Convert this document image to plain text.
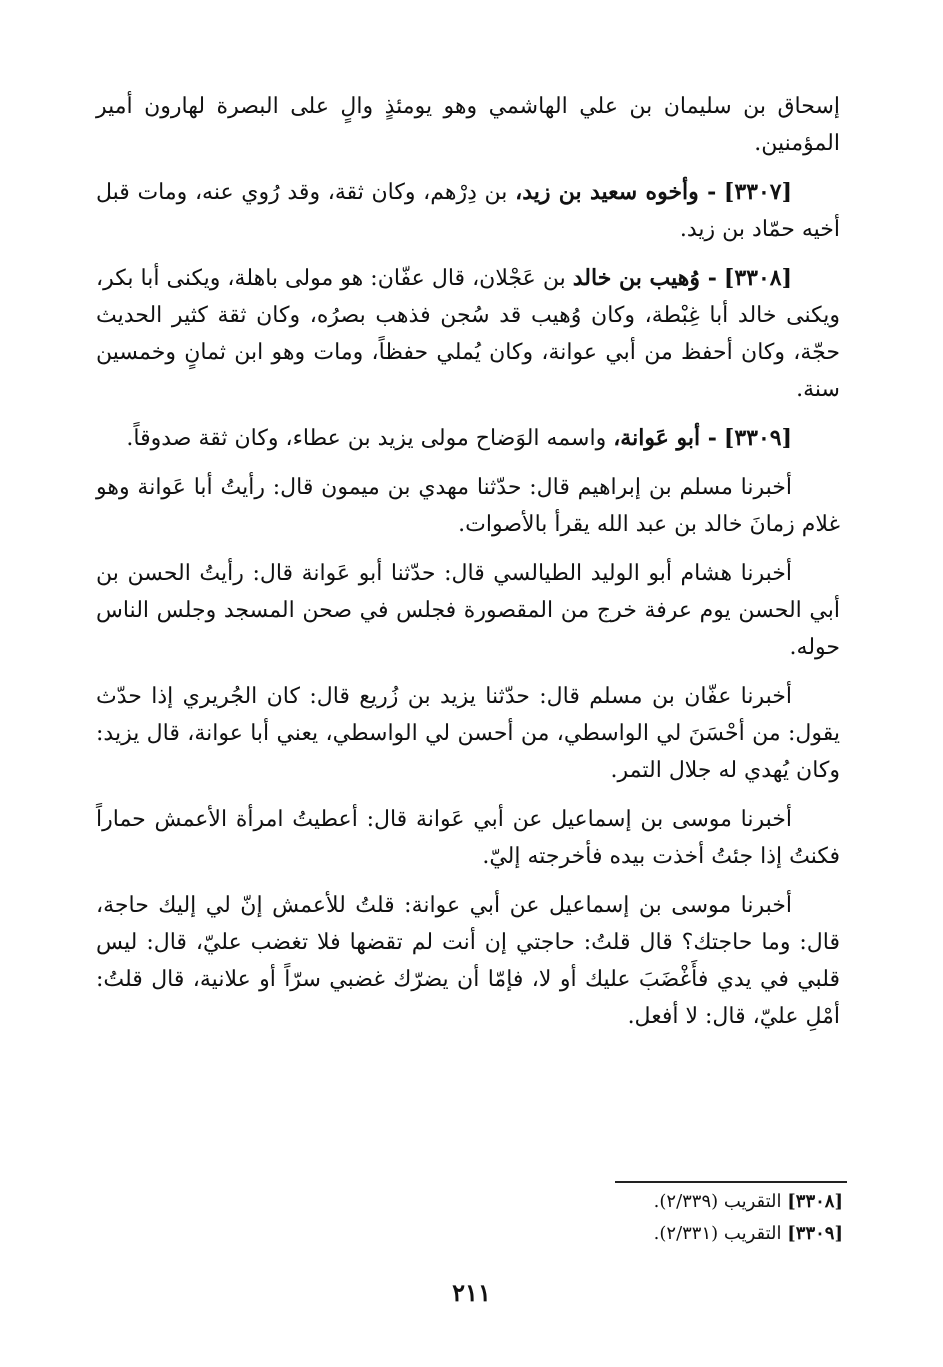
إسحاق بن سليمان بن علي الهاشمي وهو يومئذٍ والٍ على البصرة لهارون أمير المؤمنين.

[٣٣٠٧] - وأخوه سعيد بن زيد، بن دِرْهم، وكان ثقة، وقد رُوي عنه، ومات قبل أخيه حمّاد بن زيد.

[٣٣٠٨] - وُهيب بن خالد بن عَجْلان، قال عفّان: هو مولى باهلة، ويكنى أبا بكر، ويكنى خالد أبا غِبْطة، وكان وُهيب قد سُجن فذهب بصرُه، وكان ثقة كثير الحديث حجّة، وكان أحفظ من أبي عوانة، وكان يُملي حفظاً، ومات وهو ابن ثمانٍ وخمسين سنة.

[٣٣٠٩] - أبو عَوانة، واسمه الوَضاح مولى يزيد بن عطاء، وكان ثقة صدوقاً.

أخبرنا مسلم بن إبراهيم قال: حدّثنا مهدي بن ميمون قال: رأيتُ أبا عَوانة وهو غلام زمانَ خالد بن عبد الله يقرأ بالأصوات.

أخبرنا هشام أبو الوليد الطيالسي قال: حدّثنا أبو عَوانة قال: رأيتُ الحسن بن أبي الحسن يوم عرفة خرج من المقصورة فجلس في صحن المسجد وجلس الناس حوله.

أخبرنا عفّان بن مسلم قال: حدّثنا يزيد بن زُريع قال: كان الجُريري إذا حدّث يقول: من أحْسَنَ لي الواسطي، من أحسن لي الواسطي، يعني أبا عوانة، قال يزيد: وكان يُهدي له جلال التمر.

أخبرنا موسى بن إسماعيل عن أبي عَوانة قال: أعطيتُ امرأة الأعمش حماراً فكنتُ إذا جئتُ أخذت بيده فأخرجته إليّ.

أخبرنا موسى بن إسماعيل عن أبي عوانة: قلتُ للأعمش إنّ لي إليك حاجة، قال: وما حاجتك؟ قال قلتُ: حاجتي إن أنت لم تقضها فلا تغضب عليّ، قال: ليس قلبي في يدي فأَغْضَبَ عليك أو لا، فإمّا أن يضرّك غضبي سرّاً أو علانية، قال قلتُ: أمْلِ عليّ، قال: لا أفعل.

[٣٣٠٨] التقريب (٢/٣٣٩).
[٣٣٠٩] التقريب (٢/٣٣١).
٢١١
